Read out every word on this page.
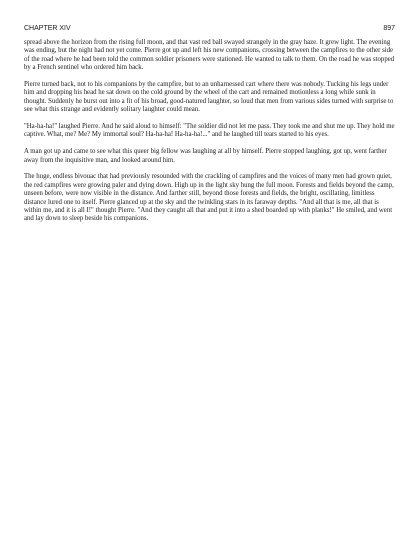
CHAPTER XIV	897

spread above the horizon from the rising full moon, and that vast red ball swayed strangely in the gray haze. It grew light. The evening was ending, but the night had not yet come. Pierre got up and left his new companions, crossing between the campfires to the other side of the road where he had been told the common soldier prisoners were stationed. He wanted to talk to them. On the road he was stopped by a French sentinel who ordered him back.

Pierre turned back, not to his companions by the campfire, but to an unharnessed cart where there was nobody. Tucking his legs under him and dropping his head he sat down on the cold ground by the wheel of the cart and remained motionless a long while sunk in thought. Suddenly he burst out into a fit of his broad, good-natured laughter, so loud that men from various sides turned with surprise to see what this strange and evidently solitary laughter could mean.

"Ha-ha-ha!" laughed Pierre. And he said aloud to himself: "The soldier did not let me pass. They took me and shut me up. They hold me captive. What, me? Me? My immortal soul? Ha-ha-ha! Ha-ha-ha!..." and he laughed till tears started to his eyes.

A man got up and came to see what this queer big fellow was laughing at all by himself. Pierre stopped laughing, got up, went farther away from the inquisitive man, and looked around him.

The huge, endless bivouac that had previously resounded with the crackling of campfires and the voices of many men had grown quiet, the red campfires were growing paler and dying down. High up in the light sky hung the full moon. Forests and fields beyond the camp, unseen before, were now visible in the distance. And farther still, beyond those forests and fields, the bright, oscillating, limitless distance lured one to itself. Pierre glanced up at the sky and the twinkling stars in its faraway depths. "And all that is me, all that is within me, and it is all I!" thought Pierre. "And they caught all that and put it into a shed boarded up with planks!" He smiled, and went and lay down to sleep beside his companions.
